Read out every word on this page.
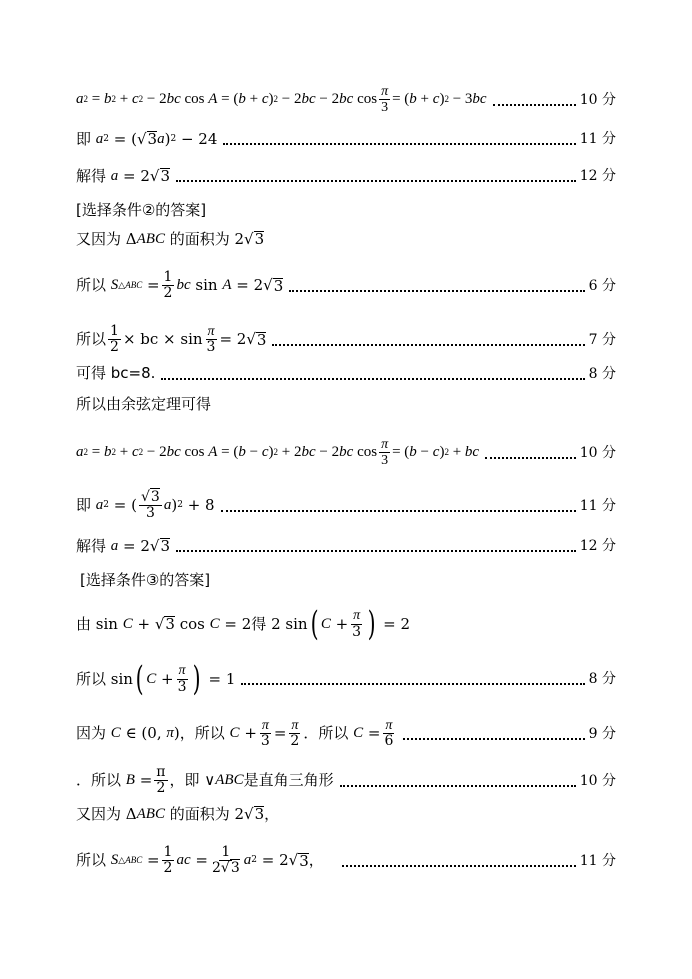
a 2 = b 2 + c 2 − 2 bc cos A = ( b + c ) 2 − 2 bc − 2 bc $\cos \frac{\pi}{3}$ = ( b + c ) 2 − 3 bc	10 分
即 a 2 = (√ 3 a ) 2 − 24	11 分
解得 a = 2√ 3	12 分
[选择条件②的答案]
又因为 Δ ABC 的面积为 2√ 3
所以 S △ABC = $\frac{1}{2}$ bc sin A = 2√ 3	6 分
所以 $\frac{1}{2}$ × bc × $\sin \frac{\pi}{3} = 2√$ 3	7 分
可得 bc=8.	8 分
所以由余弦定理可得
a 2 = b 2 + c 2 − 2 bc cos A = ( b − c ) 2 + 2 bc − 2 bc $\cos \frac{\pi}{3}$ = ( b − c ) 2 + bc	10 分
即 a 2 = ( $\frac{√3}{3}$ a ) 2 + 8	11 分
解得 a = 2√ 3	12 分
[选择条件③的答案]
由 sin C + √ 3 cos C = 2 得 2 sin ( $C + \frac{\pi}{3}$ ) = 2
所以 sin ( $C + \frac{\pi}{3}$ ) = 1	8 分
因为 C ∈ (0, π ) ，所以 $C + \frac{\pi}{3} = \frac{\pi}{2}$ ．所以 $C = \frac{\pi}{6}$	9 分
．所以 $B = \frac{\pi}{2}$ ，即 ∨ ABC 是直角三角形	10 分
又因为 Δ ABC 的面积为 2√ 3 ，
所以 S △ABC = $\frac{1}{2}$ ac = $\frac{1}{2√3}$ a 2 = 2√ 3 ，	11 分
